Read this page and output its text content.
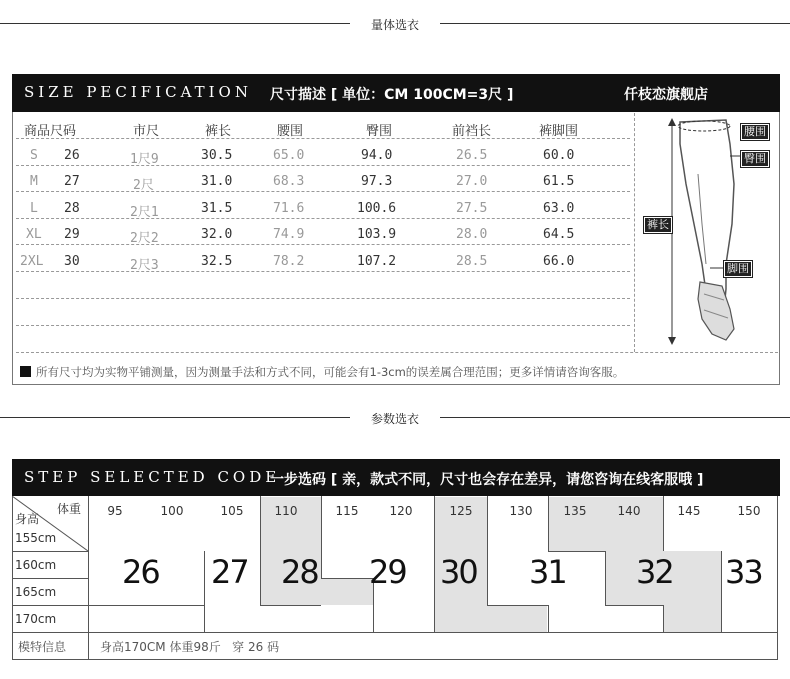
量体选衣
SIZE PECIFICATION 尺寸描述 [ 单位：CM 100CM=3尺 ]	仟枝恋旗舰店
商品尺码	市尺	裤长	腰围	臀围	前裆长	裤脚围
S 26	1尺9	30.5	65.0	94.0	26.5	60.0
M 27	2尺	31.0	68.3	97.3	27.0	61.5
L 28	2尺1	31.5	71.6	100.6	27.5	63.0
XL 29	2尺2	32.0	74.9	103.9	28.0	64.5
2XL 30	2尺3	32.5	78.2	107.2	28.5	66.0
腰围
臀围
裤长
脚围
所有尺寸均为实物平铺测量，因为测量手法和方式不同，可能会有1-3cm的误差属合理范围；更多详情请咨询客服。
参数选衣
STEP SELECTED CODE
一步选码 [ 亲，款式不同，尺寸也会存在差异，请您咨询在线客服哦 ]
体重
身高
95	100	105	110	115	120	125	130	135	140	145	150
155cm
160cm
165cm
170cm
26 27 28 29 30 31 32 33
模特信息	身高170CM 体重98斤   穿 26 码
